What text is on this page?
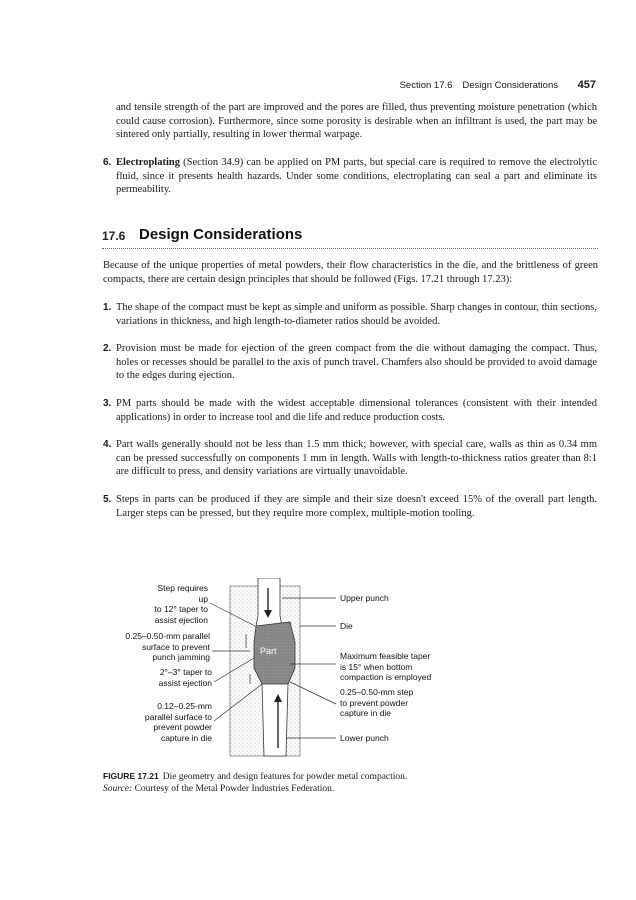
Section 17.6 Design Considerations 457
and tensile strength of the part are improved and the pores are filled, thus preventing moisture penetration (which could cause corrosion). Furthermore, since some porosity is desirable when an infiltrant is used, the part may be sintered only partially, resulting in lower thermal warpage.
6. Electroplating (Section 34.9) can be applied on PM parts, but special care is required to remove the electrolytic fluid, since it presents health hazards. Under some conditions, electroplating can seal a part and eliminate its permeability.
17.6 Design Considerations
Because of the unique properties of metal powders, their flow characteristics in the die, and the brittleness of green compacts, there are certain design principles that should be followed (Figs. 17.21 through 17.23):
1. The shape of the compact must be kept as simple and uniform as possible. Sharp changes in contour, thin sections, variations in thickness, and high length-to-diameter ratios should be avoided.
2. Provision must be made for ejection of the green compact from the die without damaging the compact. Thus, holes or recesses should be parallel to the axis of punch travel. Chamfers also should be provided to avoid damage to the edges during ejection.
3. PM parts should be made with the widest acceptable dimensional tolerances (consistent with their intended applications) in order to increase tool and die life and reduce production costs.
4. Part walls generally should not be less than 1.5 mm thick; however, with special care, walls as thin as 0.34 mm can be pressed successfully on components 1 mm in length. Walls with length-to-thickness ratios greater than 8:1 are difficult to press, and density variations are virtually unavoidable.
5. Steps in parts can be produced if they are simple and their size doesn't exceed 15% of the overall part length. Larger steps can be pressed, but they require more complex, multiple-motion tooling.
Part
Step requires up
to 12° taper to
assist ejection
0.25–0.50-mm parallel
surface to prevent
punch jamming
2°–3° taper to
assist ejection
0.12–0.25-mm
parallel surface to
prevent powder
capture in die
Upper punch
Die
Maximum feasible taper
is 15° when bottom
compaction is employed
0.25–0.50-mm step
to prevent powder
capture in die
Lower punch
FIGURE 17.21 Die geometry and design features for powder metal compaction.
Source: Courtesy of the Metal Powder Industries Federation.
